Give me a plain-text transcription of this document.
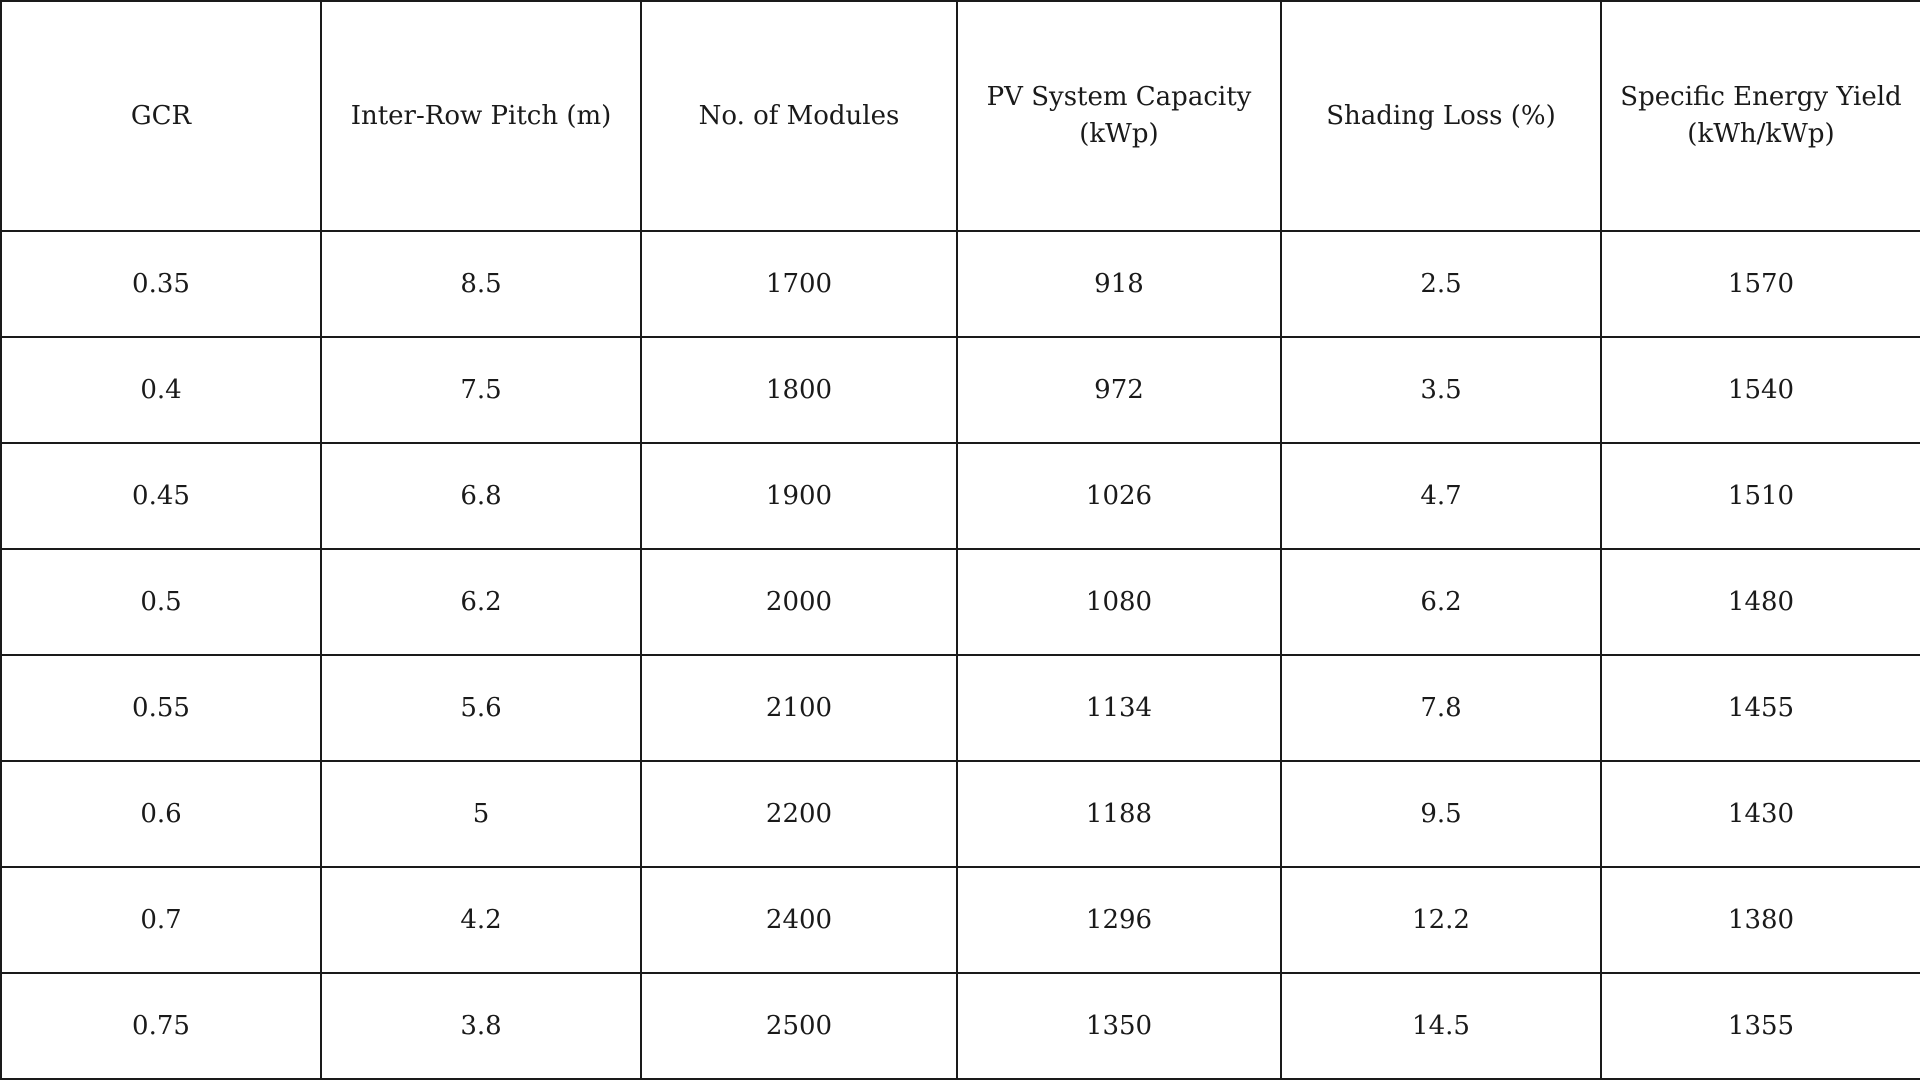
GCR	Inter-Row Pitch (m)	No. of Modules	PV System Capacity (kWp)	Shading Loss (%)	Specific Energy Yield (kWh/kWp)
0.35	8.5	1700	918	2.5	1570
0.4	7.5	1800	972	3.5	1540
0.45	6.8	1900	1026	4.7	1510
0.5	6.2	2000	1080	6.2	1480
0.55	5.6	2100	1134	7.8	1455
0.6	5	2200	1188	9.5	1430
0.7	4.2	2400	1296	12.2	1380
0.75	3.8	2500	1350	14.5	1355
